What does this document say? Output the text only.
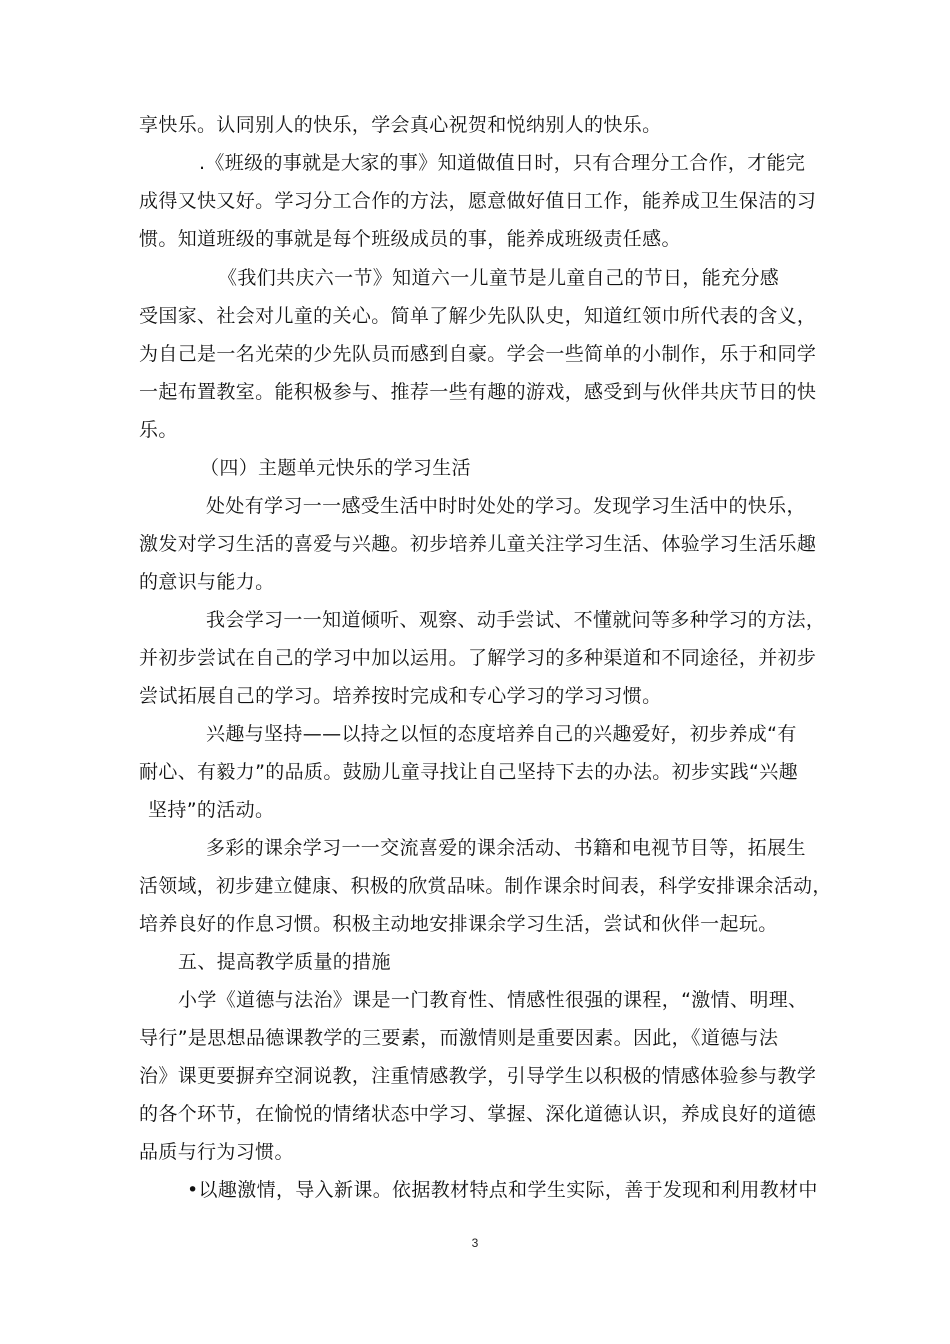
享快乐。认同别人的快乐，学会真心祝贺和悦纳别人的快乐。

.《班级的事就是大家的事》知道做值日时，只有合理分工合作，才能完

成得又快又好。学习分工合作的方法，愿意做好值日工作，能养成卫生保洁的习

惯。知道班级的事就是每个班级成员的事，能养成班级责任感。

《我们共庆六一节》知道六一儿童节是儿童自己的节日，能充分感

受国家、社会对儿童的关心。简单了解少先队队史，知道红领巾所代表的含义，

为自己是一名光荣的少先队员而感到自豪。学会一些简单的小制作，乐于和同学

一起布置教室。能积极参与、推荐一些有趣的游戏，感受到与伙伴共庆节日的快

乐。

（四）主题单元快乐的学习生活

处处有学习一一感受生活中时时处处的学习。发现学习生活中的快乐，

激发对学习生活的喜爱与兴趣。初步培养儿童关注学习生活、体验学习生活乐趣

的意识与能力。

我会学习一一知道倾听、观察、动手尝试、不懂就问等多种学习的方法，

并初步尝试在自己的学习中加以运用。了解学习的多种渠道和不同途径，并初步

尝试拓展自己的学习。培养按时完成和专心学习的学习习惯。

兴趣与坚持——以持之以恒的态度培养自己的兴趣爱好，初步养成“有

耐心、有毅力”的品质。鼓励儿童寻找让自己坚持下去的办法。初步实践“兴趣

坚持”的活动。

多彩的课余学习一一交流喜爱的课余活动、书籍和电视节目等，拓展生

活领域，初步建立健康、积极的欣赏品味。制作课余时间表，科学安排课余活动，

培养良好的作息习惯。积极主动地安排课余学习生活，尝试和伙伴一起玩。

五、提高教学质量的措施

小学《道德与法治》课是一门教育性、情感性很强的课程，“激情、明理、

导行”是思想品德课教学的三要素，而激情则是重要因素。因此，《道德与法

治》课更要摒弃空洞说教，注重情感教学，引导学生以积极的情感体验参与教学

的各个环节，在愉悦的情绪状态中学习、掌握、深化道德认识，养成良好的道德

品质与行为习惯。

•以趣激情，导入新课。依据教材特点和学生实际，善于发现和利用教材中

3
